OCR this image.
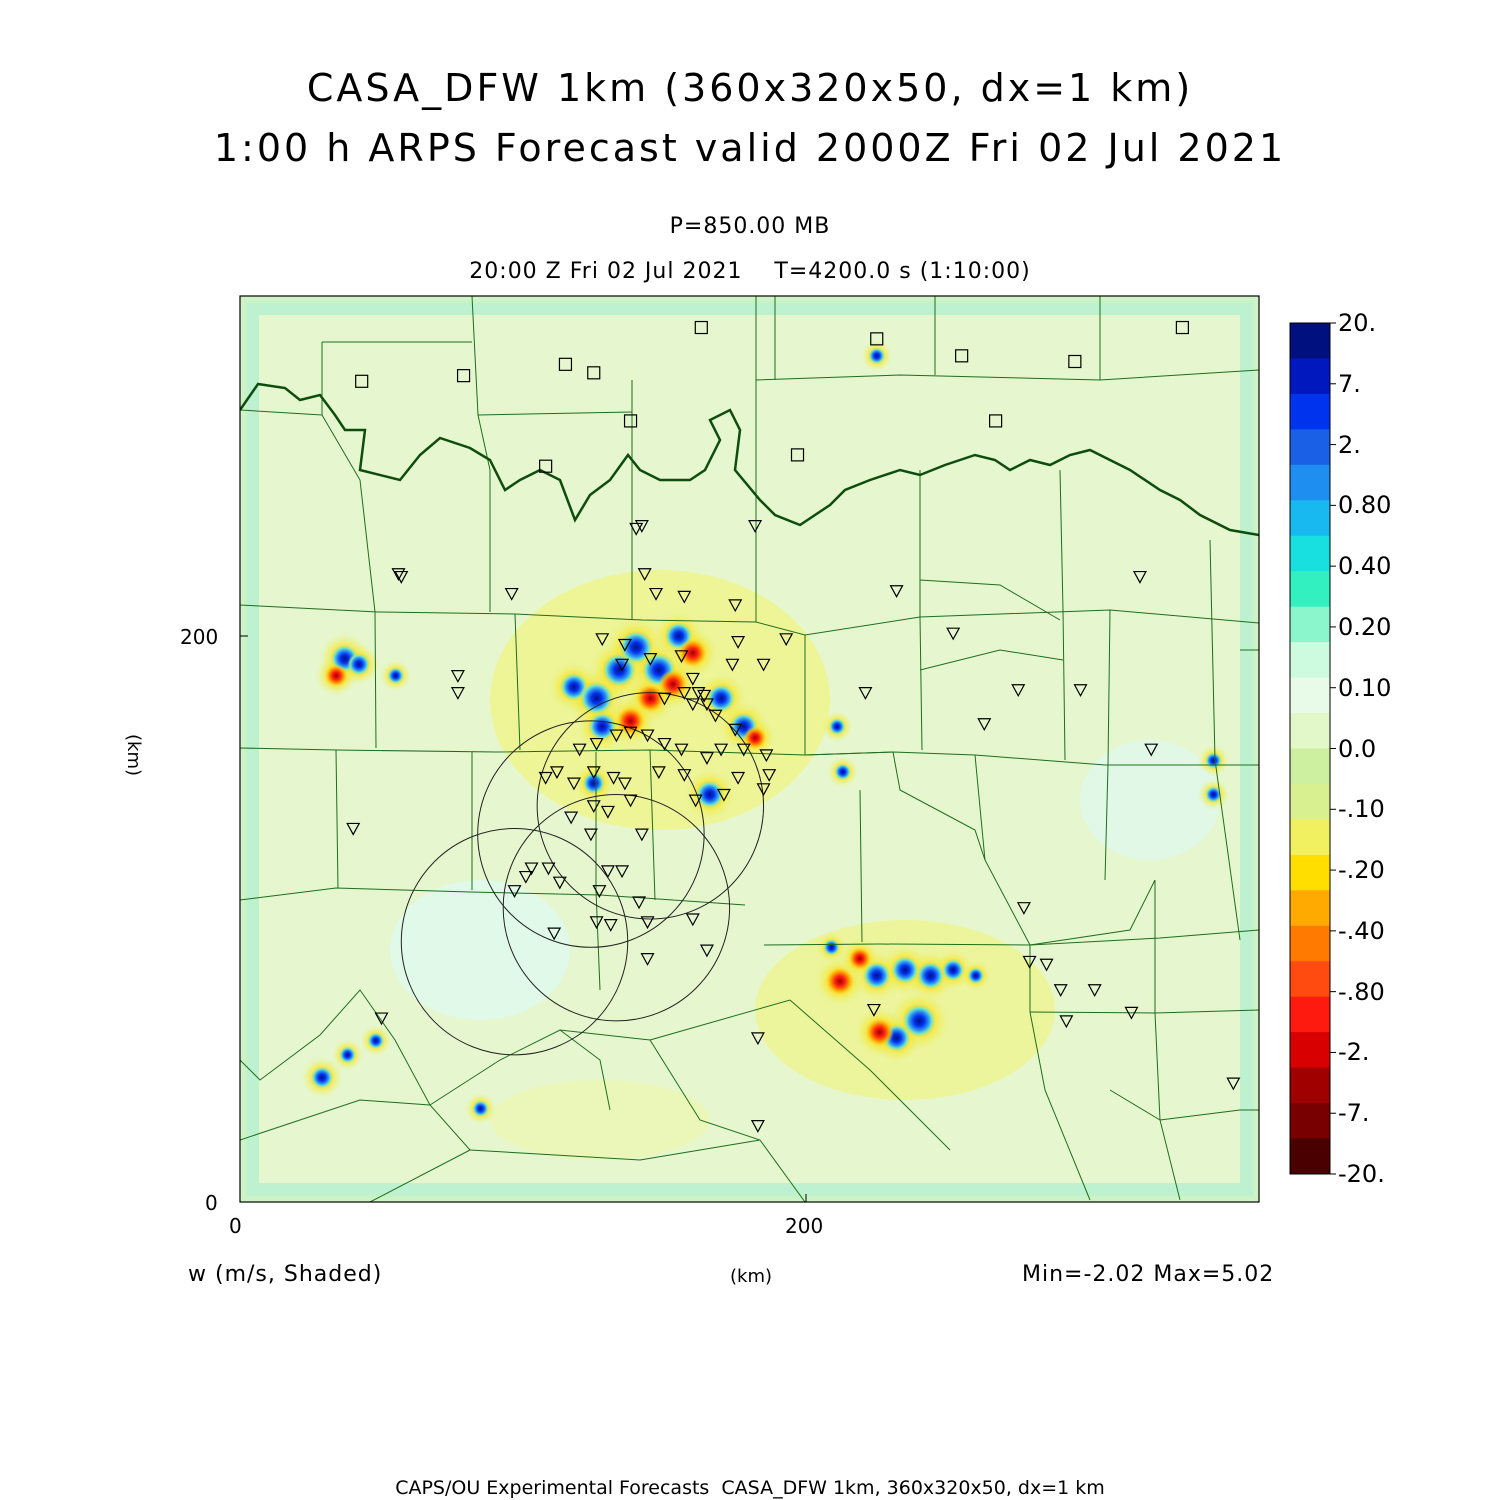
CASA_DFW 1km (360x320x50, dx=1 km)
1:00 h ARPS Forecast valid 2000Z Fri 02 Jul 2021
P=850.00 MB
20:00 Z Fri 02 Jul 2021    T=4200.0 s (1:10:00)
0	200
0
200
(km)
w (m/s, Shaded)	(km)	Min=-2.02 Max=5.02
CAPS/OU Experimental Forecasts  CASA_DFW 1km, 360x320x50, dx=1 km
20.
7.
2.
0.80
0.40
0.20
0.10
0.0
-.10
-.20
-.40
-.80
-2.
-7.
-20.
